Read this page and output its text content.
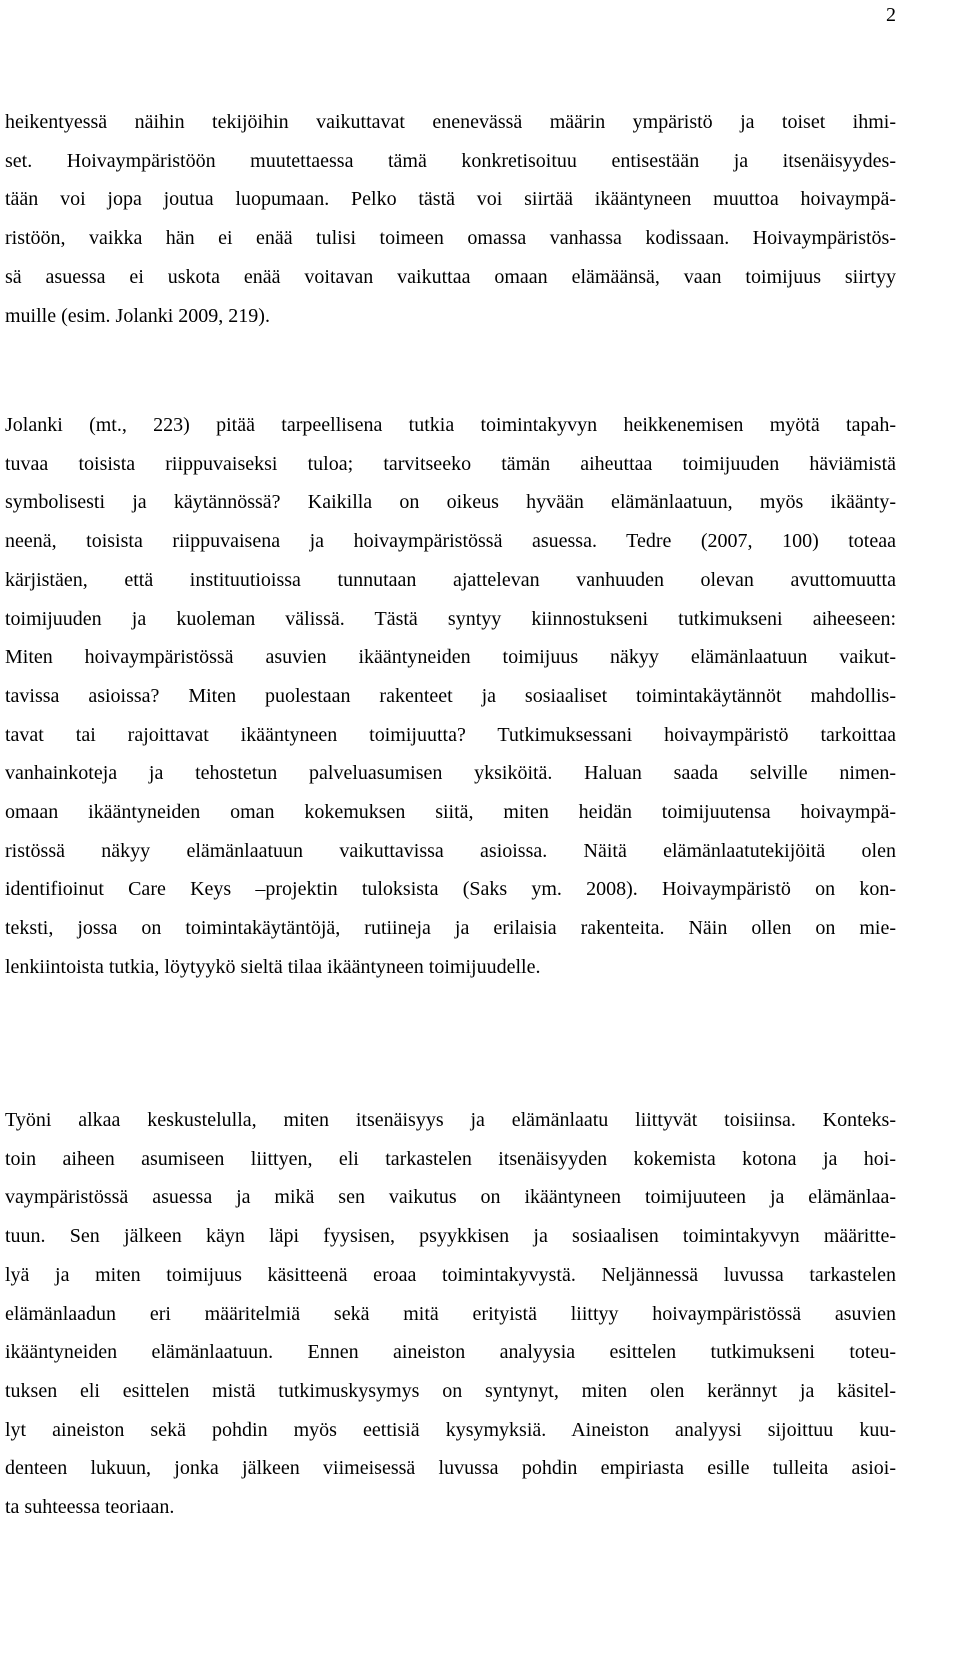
2
heikentyessä näihin tekijöihin vaikuttavat enenevässä määrin ympäristö ja toiset ihmi-
set. Hoivaympäristöön muutettaessa tämä konkretisoituu entisestään ja itsenäisyydes-
tään voi jopa joutua luopumaan. Pelko tästä voi siirtää ikääntyneen muuttoa hoivaympä-
ristöön, vaikka hän ei enää tulisi toimeen omassa vanhassa kodissaan. Hoivaympäristös-
sä asuessa ei uskota enää voitavan vaikuttaa omaan elämäänsä, vaan toimijuus siirtyy
muille (esim. Jolanki 2009, 219).
Jolanki (mt., 223) pitää tarpeellisena tutkia toimintakyvyn heikkenemisen myötä tapah-
tuvaa toisista riippuvaiseksi tuloa; tarvitseeko tämän aiheuttaa toimijuuden häviämistä
symbolisesti ja käytännössä? Kaikilla on oikeus hyvään elämänlaatuun, myös ikäänty-
neenä, toisista riippuvaisena ja hoivaympäristössä asuessa. Tedre (2007, 100) toteaa
kärjistäen, että instituutioissa tunnutaan ajattelevan vanhuuden olevan avuttomuutta
toimijuuden ja kuoleman välissä. Tästä syntyy kiinnostukseni tutkimukseni aiheeseen:
Miten hoivaympäristössä asuvien ikääntyneiden toimijuus näkyy elämänlaatuun vaikut-
tavissa asioissa? Miten puolestaan rakenteet ja sosiaaliset toimintakäytännöt mahdollis-
tavat tai rajoittavat ikääntyneen toimijuutta? Tutkimuksessani hoivaympäristö tarkoittaa
vanhainkoteja ja tehostetun palveluasumisen yksiköitä. Haluan saada selville nimen-
omaan ikääntyneiden oman kokemuksen siitä, miten heidän toimijuutensa hoivaympä-
ristössä näkyy elämänlaatuun vaikuttavissa asioissa. Näitä elämänlaatutekijöitä olen
identifioinut Care Keys –projektin tuloksista (Saks ym. 2008). Hoivaympäristö on kon-
teksti, jossa on toimintakäytäntöjä, rutiineja ja erilaisia rakenteita. Näin ollen on mie-
lenkiintoista tutkia, löytyykö sieltä tilaa ikääntyneen toimijuudelle.
Työni alkaa keskustelulla, miten itsenäisyys ja elämänlaatu liittyvät toisiinsa. Konteks-
toin aiheen asumiseen liittyen, eli tarkastelen itsenäisyyden kokemista kotona ja hoi-
vaympäristössä asuessa ja mikä sen vaikutus on ikääntyneen toimijuuteen ja elämänlaa-
tuun. Sen jälkeen käyn läpi fyysisen, psyykkisen ja sosiaalisen toimintakyvyn määritte-
lyä ja miten toimijuus käsitteenä eroaa toimintakyvystä. Neljännessä luvussa tarkastelen
elämänlaadun eri määritelmiä sekä mitä erityistä liittyy hoivaympäristössä asuvien
ikääntyneiden elämänlaatuun. Ennen aineiston analyysia esittelen tutkimukseni toteu-
tuksen eli esittelen mistä tutkimuskysymys on syntynyt, miten olen kerännyt ja käsitel-
lyt aineiston sekä pohdin myös eettisiä kysymyksiä. Aineiston analyysi sijoittuu kuu-
denteen lukuun, jonka jälkeen viimeisessä luvussa pohdin empiriasta esille tulleita asioi-
ta suhteessa teoriaan.
